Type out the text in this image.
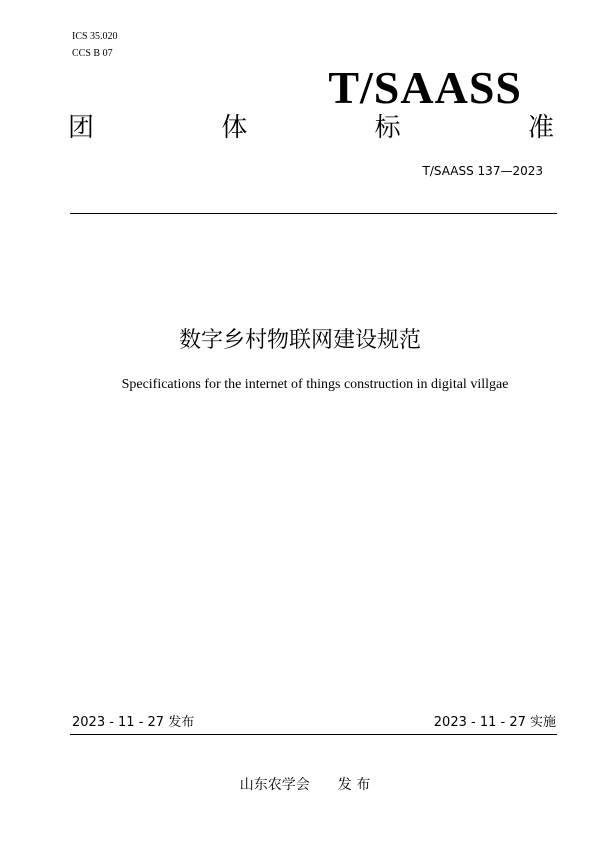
ICS 35.020
CCS B 07
T/SAASS
团	体	标	准
T/SAASS 137—2023
数字乡村物联网建设规范
Specifications for the internet of things construction in digital villgae
2023 - 11 - 27 发布	2023 - 11 - 27 实施
山东农学会 发 布
